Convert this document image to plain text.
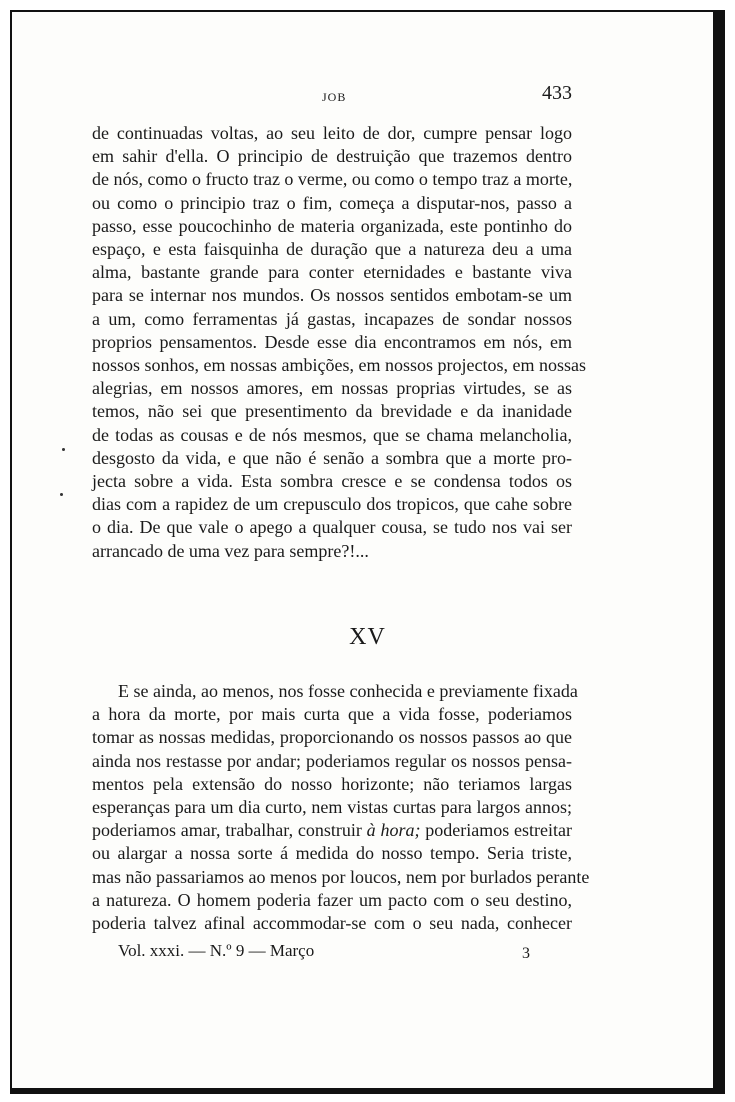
JOB	433
de continuadas voltas, ao seu leito de dor, cumpre pensar logo
em sahir d'ella. O principio de destruição que trazemos dentro
de nós, como o fructo traz o verme, ou como o tempo traz a morte,
ou como o principio traz o fim, começa a disputar-nos, passo a
passo, esse poucochinho de materia organizada, este pontinho do
espaço, e esta faisquinha de duração que a natureza deu a uma
alma, bastante grande para conter eternidades e bastante viva
para se internar nos mundos. Os nossos sentidos embotam-se um
a um, como ferramentas já gastas, incapazes de sondar nossos
proprios pensamentos. Desde esse dia encontramos em nós, em
nossos sonhos, em nossas ambições, em nossos projectos, em nossas
alegrias, em nossos amores, em nossas proprias virtudes, se as
temos, não sei que presentimento da brevidade e da inanidade
de todas as cousas e de nós mesmos, que se chama melancholia,
desgosto da vida, e que não é senão a sombra que a morte pro-
jecta sobre a vida. Esta sombra cresce e se condensa todos os
dias com a rapidez de um crepusculo dos tropicos, que cahe sobre
o dia. De que vale o apego a qualquer cousa, se tudo nos vai ser
arrancado de uma vez para sempre?!...
XV
E se ainda, ao menos, nos fosse conhecida e previamente fixada
a hora da morte, por mais curta que a vida fosse, poderiamos
tomar as nossas medidas, proporcionando os nossos passos ao que
ainda nos restasse por andar; poderiamos regular os nossos pensa-
mentos pela extensão do nosso horizonte; não teriamos largas
esperanças para um dia curto, nem vistas curtas para largos annos;
poderiamos amar, trabalhar, construir à hora; poderiamos estreitar
ou alargar a nossa sorte á medida do nosso tempo. Seria triste,
mas não passariamos ao menos por loucos, nem por burlados perante
a natureza. O homem poderia fazer um pacto com o seu destino,
poderia talvez afinal accommodar-se com o seu nada, conhecer
Vol. xxxi. — N.º 9 — Março	3
